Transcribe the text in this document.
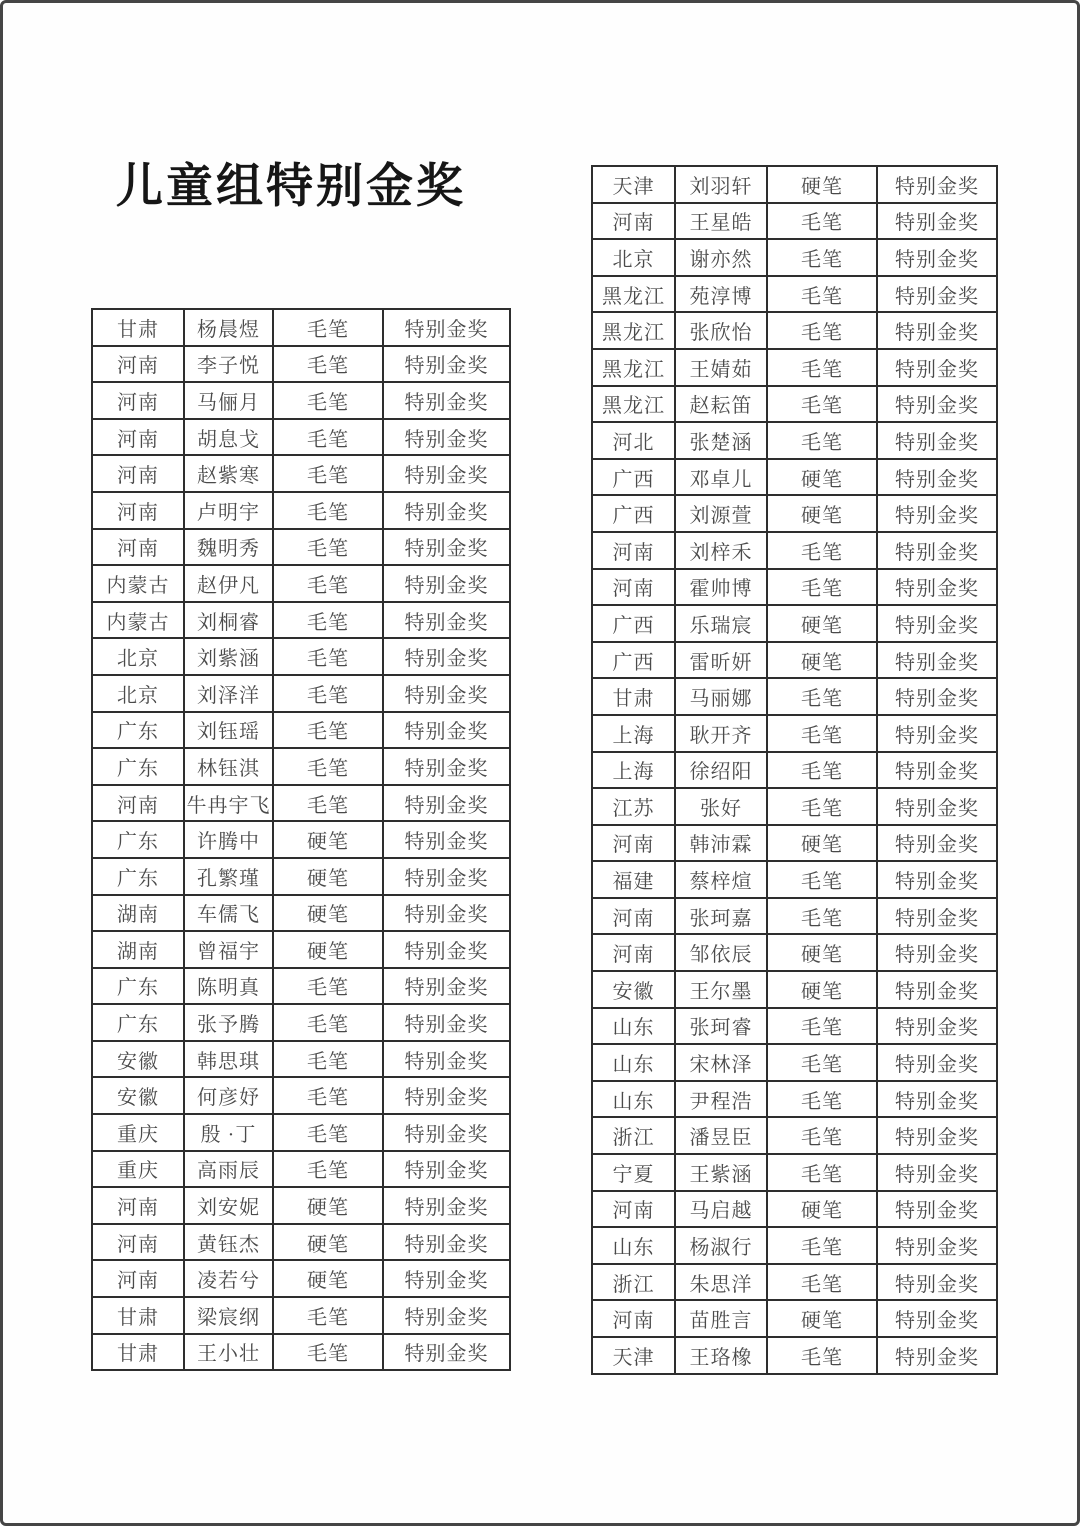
儿童组特别金奖
甘肃	杨晨煜	毛笔	特别金奖
河南	李子悦	毛笔	特别金奖
河南	马俪月	毛笔	特别金奖
河南	胡息戈	毛笔	特别金奖
河南	赵紫寒	毛笔	特别金奖
河南	卢明宇	毛笔	特别金奖
河南	魏明秀	毛笔	特别金奖
内蒙古	赵伊凡	毛笔	特别金奖
内蒙古	刘桐睿	毛笔	特别金奖
北京	刘紫涵	毛笔	特别金奖
北京	刘泽洋	毛笔	特别金奖
广东	刘钰瑶	毛笔	特别金奖
广东	林钰淇	毛笔	特别金奖
河南	牛冉宇飞	毛笔	特别金奖
广东	许腾中	硬笔	特别金奖
广东	孔繁瑾	硬笔	特别金奖
湖南	车儒飞	硬笔	特别金奖
湖南	曾福宇	硬笔	特别金奖
广东	陈明真	毛笔	特别金奖
广东	张予腾	毛笔	特别金奖
安徽	韩思琪	毛笔	特别金奖
安徽	何彦妤	毛笔	特别金奖
重庆	殷 ·丁	毛笔	特别金奖
重庆	高雨辰	毛笔	特别金奖
河南	刘安妮	硬笔	特别金奖
河南	黄钰杰	硬笔	特别金奖
河南	凌若兮	硬笔	特别金奖
甘肃	梁宸纲	毛笔	特别金奖
甘肃	王小壮	毛笔	特别金奖
天津	刘羽轩	硬笔	特别金奖
河南	王星皓	毛笔	特别金奖
北京	谢亦然	毛笔	特别金奖
黑龙江	苑淳博	毛笔	特别金奖
黑龙江	张欣怡	毛笔	特别金奖
黑龙江	王婧茹	毛笔	特别金奖
黑龙江	赵耘笛	毛笔	特别金奖
河北	张楚涵	毛笔	特别金奖
广西	邓卓儿	硬笔	特别金奖
广西	刘源萱	硬笔	特别金奖
河南	刘梓禾	毛笔	特别金奖
河南	霍帅博	毛笔	特别金奖
广西	乐瑞宸	硬笔	特别金奖
广西	雷昕妍	硬笔	特别金奖
甘肃	马丽娜	毛笔	特别金奖
上海	耿开齐	毛笔	特别金奖
上海	徐绍阳	毛笔	特别金奖
江苏	张好	毛笔	特别金奖
河南	韩沛霖	硬笔	特别金奖
福建	蔡梓煊	毛笔	特别金奖
河南	张珂嘉	毛笔	特别金奖
河南	邹依辰	硬笔	特别金奖
安徽	王尔墨	硬笔	特别金奖
山东	张珂睿	毛笔	特别金奖
山东	宋林泽	毛笔	特别金奖
山东	尹程浩	毛笔	特别金奖
浙江	潘昱臣	毛笔	特别金奖
宁夏	王紫涵	毛笔	特别金奖
河南	马启越	硬笔	特别金奖
山东	杨淑行	毛笔	特别金奖
浙江	朱思洋	毛笔	特别金奖
河南	苗胜言	硬笔	特别金奖
天津	王珞橡	毛笔	特别金奖
